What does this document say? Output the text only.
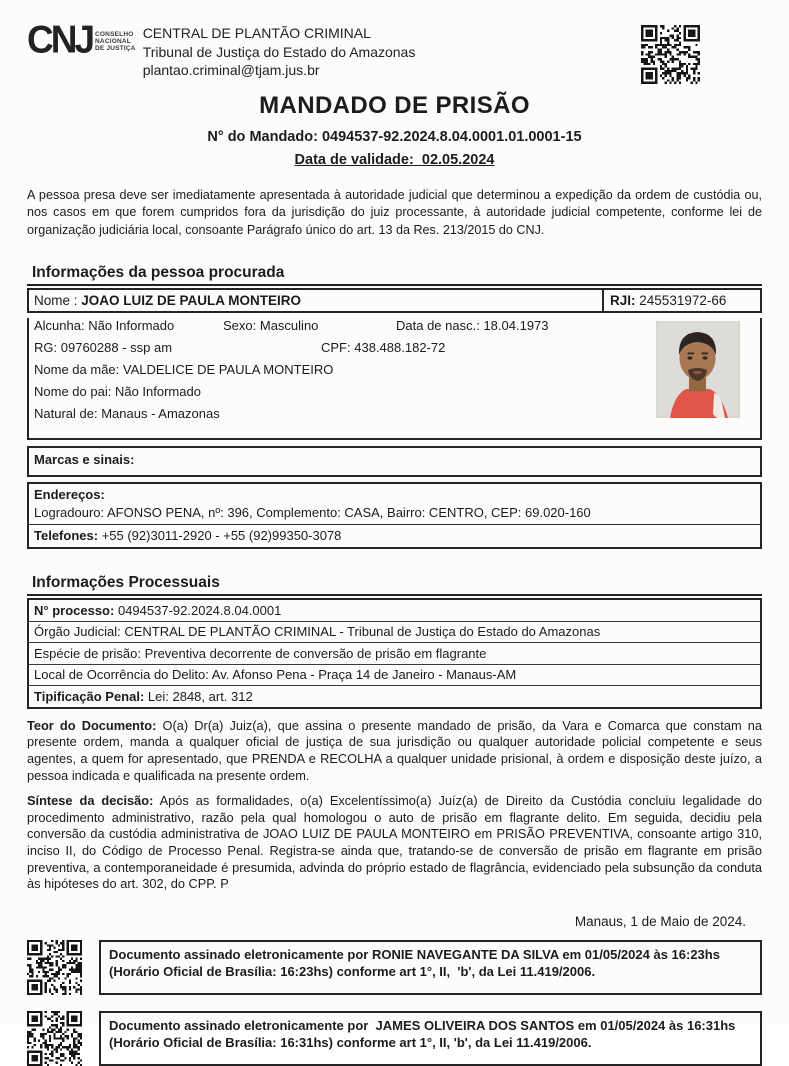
CNJ CONSELHO
NACIONAL
DE JUSTIÇA
CENTRAL DE PLANTÃO CRIMINAL
Tribunal de Justiça do Estado do Amazonas
plantao.criminal@tjam.jus.br
MANDADO DE PRISÃO
N° do Mandado: 0494537-92.2024.8.04.0001.01.0001-15
Data de validade: 02.05.2024

A pessoa presa deve ser imediatamente apresentada à autoridade judicial que determinou a expedição da ordem de custódia ou, nos casos em que forem cumpridos fora da jurisdição do juiz processante, à autoridade judicial competente, conforme lei de organização judiciária local, consoante Parágrafo único do art. 13 da Res. 213/2015 do CNJ.

Informações da pessoa procurada
Nome : JOAO LUIZ DE PAULA MONTEIRO	RJI: 245531972-66
Alcunha: Não Informado	Sexo: Masculino	Data de nasc.: 18.04.1973
RG: 09760288 - ssp am	CPF: 438.488.182-72
Nome da mãe: VALDELICE DE PAULA MONTEIRO
Nome do pai: Não Informado
Natural de: Manaus - Amazonas
Marcas e sinais:
Endereços:
Logradouro: AFONSO PENA, nº: 396, Complemento: CASA, Bairro: CENTRO, CEP: 69.020-160
Telefones: +55 (92)3011-2920 - +55 (92)99350-3078
Informações Processuais
N° processo: 0494537-92.2024.8.04.0001
Órgão Judicial: CENTRAL DE PLANTÃO CRIMINAL - Tribunal de Justiça do Estado do Amazonas
Espécie de prisão: Preventiva decorrente de conversão de prisão em flagrante
Local de Ocorrência do Delito: Av. Afonso Pena - Praça 14 de Janeiro - Manaus-AM
Tipificação Penal: Lei: 2848, art. 312

Teor do Documento: O(a) Dr(a) Juiz(a), que assina o presente mandado de prisão, da Vara e Comarca que constam na presente ordem, manda a qualquer oficial de justiça de sua jurisdição ou qualquer autoridade policial competente e seus agentes, a quem for apresentado, que PRENDA e RECOLHA a qualquer unidade prisional, à ordem e disposição deste juízo, a pessoa indicada e qualificada na presente ordem.

Síntese da decisão: Após as formalidades, o(a) Excelentíssimo(a) Juíz(a) de Direito da Custódia concluiu legalidade do procedimento administrativo, razão pela qual homologou o auto de prisão em flagrante delito. Em seguida, decidiu pela conversão da custódia administrativa de JOAO LUIZ DE PAULA MONTEIRO em PRISÃO PREVENTIVA, consoante artigo 310, inciso II, do Código de Processo Penal. Registra-se ainda que, tratando-se de conversão de prisão em flagrante em prisão preventiva, a contemporaneidade é presumida, advinda do próprio estado de flagrância, evidenciado pela subsunção da conduta às hipóteses do art. 302, do CPP. P

Manaus, 1 de Maio de 2024.
Documento assinado eletronicamente por RONIE NAVEGANTE DA SILVA em 01/05/2024 às 16:23hs (Horário Oficial de Brasília: 16:23hs) conforme art 1°, II,  'b', da Lei 11.419/2006.
Documento assinado eletronicamente por  JAMES OLIVEIRA DOS SANTOS em 01/05/2024 às 16:31hs (Horário Oficial de Brasília: 16:31hs) conforme art 1°, II, 'b', da Lei 11.419/2006.
